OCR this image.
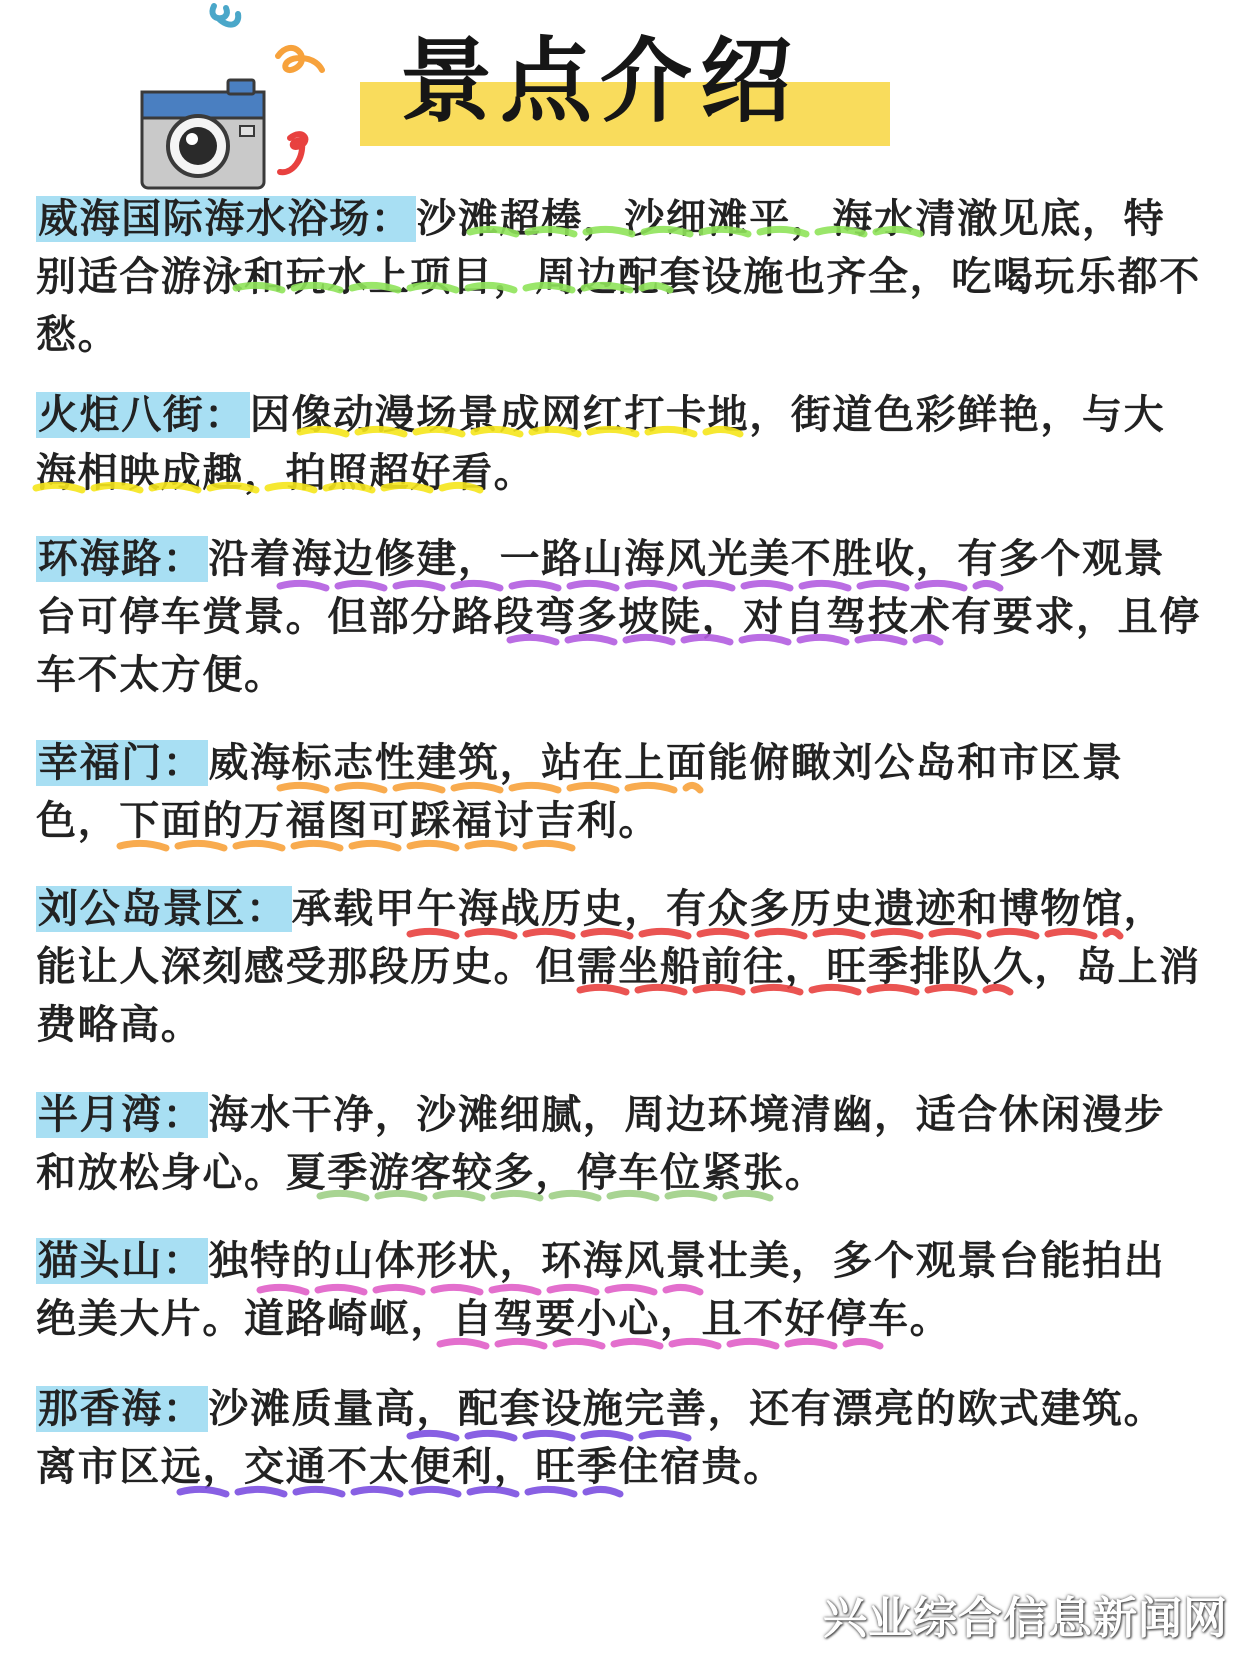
景点介绍

威海国际海水浴场： 沙滩超棒，沙细滩平，海水清澈见底，特别适合游泳和玩水上项目，周边配套设施也齐全，吃喝玩乐都不愁。

火炬八街： 因像动漫场景成网红打卡地，街道色彩鲜艳，与大海相映成趣，拍照超好看。

环海路： 沿着海边修建，一路山海风光美不胜收，有多个观景台可停车赏景。但部分路段弯多坡陡，对自驾技术有要求，且停车不太方便。

幸福门： 威海标志性建筑，站在上面能俯瞰刘公岛和市区景色，下面的万福图可踩福讨吉利。

刘公岛景区： 承载甲午海战历史，有众多历史遗迹和博物馆，能让人深刻感受那段历史。但需坐船前往，旺季排队久，岛上消费略高。

半月湾： 海水干净，沙滩细腻，周边环境清幽，适合休闲漫步和放松身心。夏季游客较多，停车位紧张。

猫头山： 独特的山体形状，环海风景壮美，多个观景台能拍出绝美大片。道路崎岖，自驾要小心，且不好停车。

那香海： 沙滩质量高，配套设施完善，还有漂亮的欧式建筑。离市区远，交通不太便利，旺季住宿贵。

兴业综合信息新闻网
